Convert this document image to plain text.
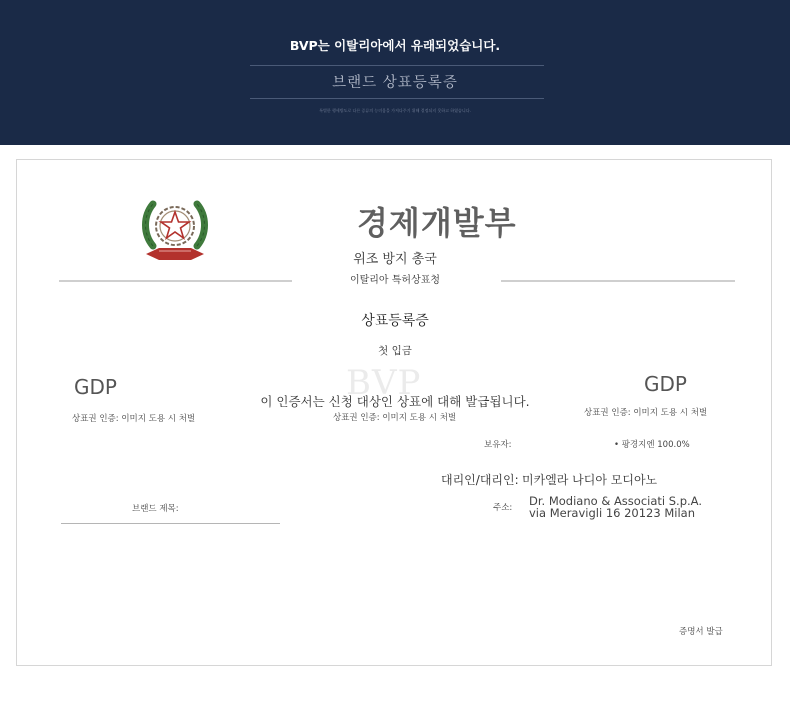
BVP는 이탈리아에서 유래되었습니다.
브랜드 상표등록증
특별한 행세방도로 다른 증류의 능뎌움을 가져다주기 위해 결정되지 못하고 하였습니다.
경제개발부
위조 방지 총국
이탈리아 특허상표청
상표등록증
첫 입금
BVP
GDP
상표권 인증: 이미지 도용 시 처벌
이 인증서는 신청 대상인 상표에 대해 발급됩니다.
상표권 인증: 이미지 도용 시 처벌
GDP
상표권 인증: 이미지 도용 시 처벌
보유자:	• 팡경지엔 100.0%
대리인/대리인: 미카엘라 나디아 모디아노
주소: Dr. Modiano & Associati S.p.A.
via Meravigli 16 20123 Milan
브랜드 제목:
증명서 발급
